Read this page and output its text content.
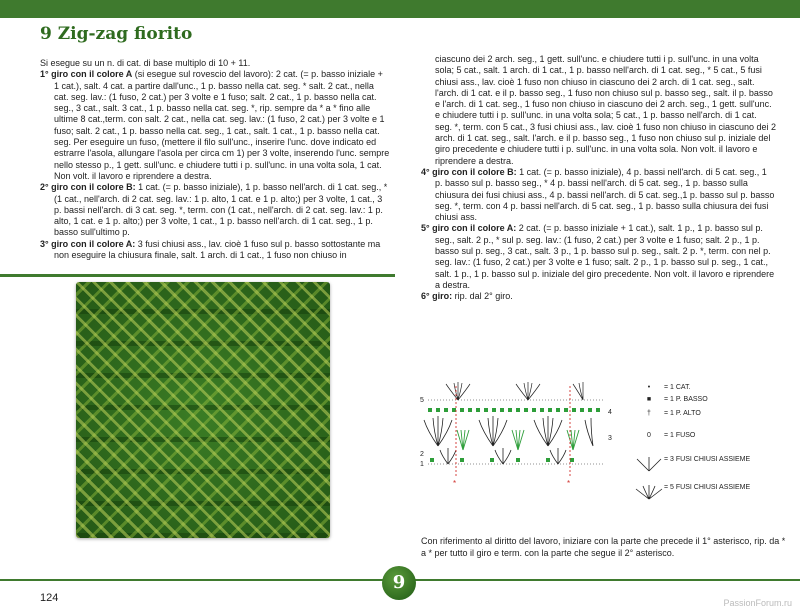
9 Zig-zag fiorito

Si esegue su un n. di cat. di base multiplo di 10 + 11.

1° giro con il colore A (si esegue sul rovescio del lavoro): 2 cat. (= p. basso iniziale + 1 cat.), salt. 4 cat. a partire dall'unc., 1 p. basso nella cat. seg. * salt. 2 cat., nella cat. seg. lav.: (1 fuso, 2 cat.) per 3 volte e 1 fuso; salt. 2 cat., 1 p. basso nella cat. seg., 3 cat., salt. 3 cat., 1 p. basso nella cat. seg. *, rip. sempre da * a * fino alle ultime 8 cat.,term. con salt. 2 cat., nella cat. seg. lav.: (1 fuso, 2 cat.) per 3 volte e 1 fuso; salt. 2 cat., 1 p. basso nella cat. seg., 1 cat., salt. 1 cat., 1 p. basso nella cat. seg. Per eseguire un fuso, (mettere il filo sull'unc., inserire l'unc. dove indicato ed estrarre l'asola, allungare l'asola per circa cm 1) per 3 volte, inserendo l'unc. sempre nello stesso p., 1 gett. sull'unc. e chiudere tutti i p. sull'unc. in una volta sola, 1 cat. Non volt. il lavoro e riprendere a destra.

2° giro con il colore B: 1 cat. (= p. basso iniziale), 1 p. basso nell'arch. di 1 cat. seg., * (1 cat., nell'arch. di 2 cat. seg. lav.: 1 p. alto, 1 cat. e 1 p. alto;) per 3 volte, 1 cat., 3 p. bassi nell'arch. di 3 cat. seg. *, term. con (1 cat., nell'arch. di 2 cat. seg. lav.: 1 p. alto, 1 cat. e 1 p. alto;) per 3 volte, 1 cat., 1 p. basso nell'arch. di 1 cat. seg., 1 p. basso sull'ultimo p.

3° giro con il colore A: 3 fusi chiusi ass., lav. cioè 1 fuso sul p. basso sottostante ma non eseguire la chiusura finale, salt. 1 arch. di 1 cat., 1 fuso non chiuso in

ciascuno dei 2 arch. seg., 1 gett. sull'unc. e chiudere tutti i p. sull'unc. in una volta sola; 5 cat., salt. 1 arch. di 1 cat., 1 p. basso nell'arch. di 1 cat. seg., * 5 cat., 5 fusi chiusi ass., lav. cioè 1 fuso non chiuso in ciascuno dei 2 arch. di 1 cat. seg., salt. l'arch. di 1 cat. e il p. basso seg., 1 fuso non chiuso sul p. basso seg., salt. il p. basso e l'arch. di 1 cat. seg., 1 fuso non chiuso in ciascuno dei 2 arch. seg., 1 gett. sull'unc. e chiudere tutti i p. sull'unc. in una volta sola; 5 cat., 1 p. basso nell'arch. di 1 cat. seg. *, term. con 5 cat., 3 fusi chiusi ass., lav. cioè 1 fuso non chiuso in ciascuno dei 2 arch. di 1 cat. seg., salt. l'arch. e il p. basso seg., 1 fuso non chiuso sul p. iniziale del giro precedente e chiudere tutti i p. sull'unc. in una volta sola. Non volt. il lavoro e riprendere a destra.

4° giro con il colore B: 1 cat. (= p. basso iniziale), 4 p. bassi nell'arch. di 5 cat. seg., 1 p. basso sul p. basso seg., * 4 p. bassi nell'arch. di 5 cat. seg., 1 p. basso sulla chiusura dei fusi chiusi ass., 4 p. bassi nell'arch. di 5 cat. seg.,1 p. basso sul p. basso seg. *, term. con 4 p. bassi nell'arch. di 5 cat. seg., 1 p. basso sulla chiusura dei fusi chiusi ass.

5° giro con il colore A: 2 cat. (= p. basso iniziale + 1 cat.), salt. 1 p., 1 p. basso sul p. seg., salt. 2 p., * sul p. seg. lav.: (1 fuso, 2 cat.) per 3 volte e 1 fuso; salt. 2 p., 1 p. basso sul p. seg., 3 cat., salt. 3 p., 1 p. basso sul p. seg., salt. 2 p. *, term. con nel p. seg. lav.: (1 fuso, 2 cat.) per 3 volte e 1 fuso; salt. 2 p., 1 p. basso sul p. seg., 1 cat., salt. 1 p., 1 p. basso sul p. iniziale del giro precedente. Non volt. il lavoro e riprendere a destra.

6° giro: rip. dal 2° giro.

5
4
3
2
1
*	*
•	= 1 CAT.
■	= 1 P. BASSO
†	= 1 P. ALTO
0	= 1 FUSO
= 3 FUSI CHIUSI ASSIEME
= 5 FUSI CHIUSI ASSIEME

Con riferimento al diritto del lavoro, iniziare con la parte che precede il 1° asterisco, rip. da * a * per tutto il giro e term. con la parte che segue il 2° asterisco.

124
9
PassionForum.ru
